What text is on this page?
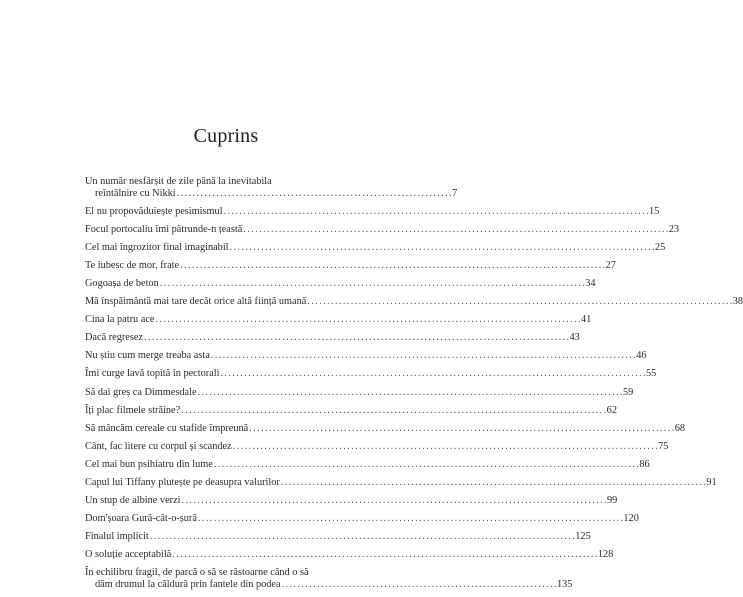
Cuprins
Un număr nesfârșit de zile până la inevitabila
reîntâlnire cu Nikki . . . . . . . . . . . . . . . . . . . . . . . . . . . . . . . . . . . . . . . . . . . . . . . . . . . . . . . . . . . . . . . . . . . . . . 7
El nu propovăduiește pesimismul . . .	15
Focul portocaliu îmi pătrunde-n țeastă . . .	23
Cel mai îngrozitor final imaginabil . . .	25
Te iubesc de mor, frate . . .	27
Gogoașa de beton . . .	34
Mă înspăimântă mai tare decât orice altă ființă umană . . .	38
Cina la patru ace . . .	41
Dacă regresez . . .	43
Nu știu cum merge treaba asta . . .	46
Îmi curge lavă topită în pectorali . . .	55
Să dai greș ca Dimmesdale . . .	59
Îți plac filmele străine? . . .	62
Să mâncăm cereale cu stafide împreună . . .	68
Cânt, fac litere cu corpul și scandez . . .	75
Cel mai bun psihiatru din lume . . .	86
Capul lui Tiffany plutește pe deasupra valurilor . . .	91
Un stup de albine verzi . . .	99
Dom'șoara Gură-cât-o-șură . . .	120
Finalul implicit . . .	125
O soluție acceptabilă . . .	128
În echilibru fragil, de parcă o să se răstoarne când o să
dăm drumul la căldură prin fantele din podea . . . . . . . . . . . . . . . . . . . . . . . . . . . . . . . . . . . . . . . . . . . . . . . . . . . . . . . . . . . . . . . . . . . . . . 135
